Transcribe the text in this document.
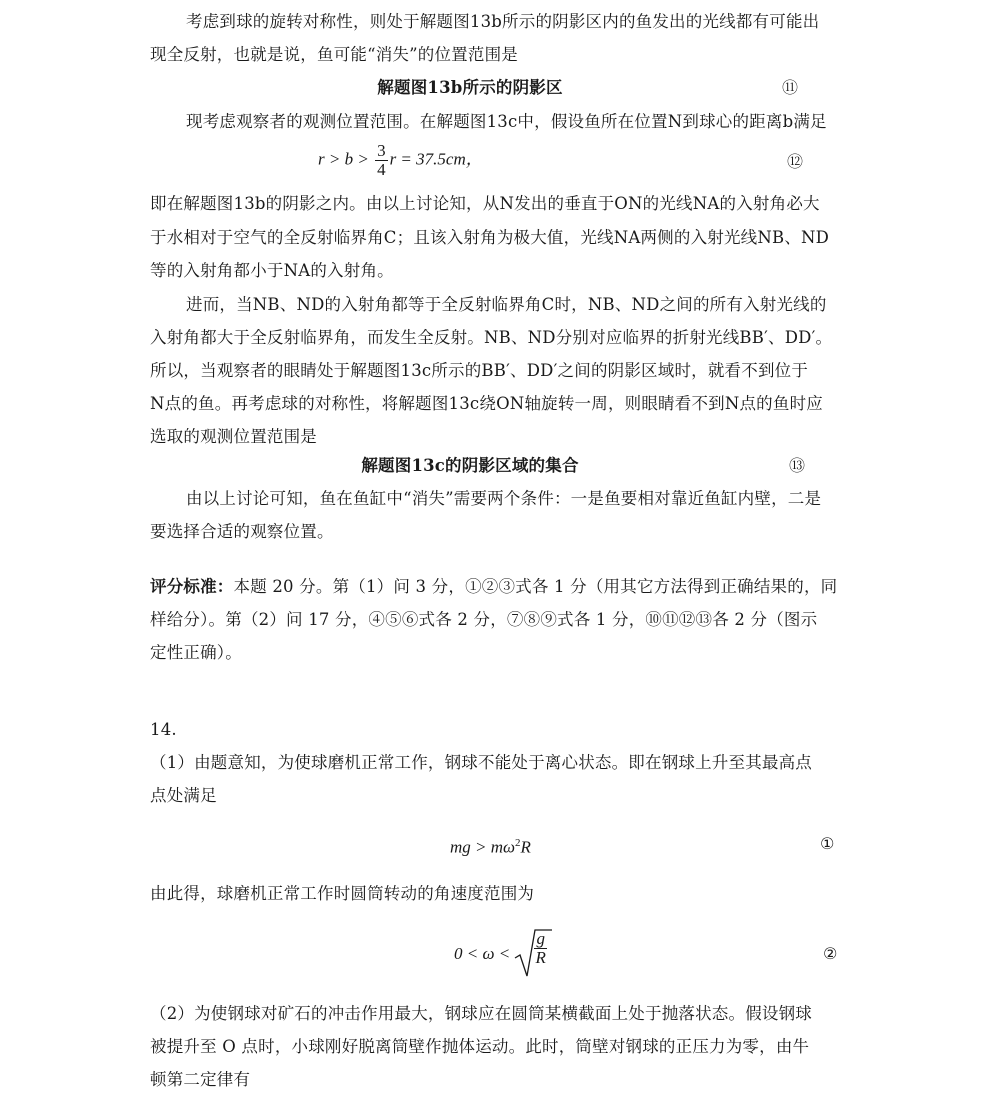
考虑到球的旋转对称性，则处于解题图13b所示的阴影区内的鱼发出的光线都有可能出
现全反射，也就是说，鱼可能“消失”的位置范围是
解题图13b所示的阴影区	⑪
现考虑观察者的观测位置范围。在解题图13c中，假设鱼所在位置N到球心的距离b满足
$r > b > \frac{3}{4}$ r = 37.5cm，	⑫
即在解题图13b的阴影之内。由以上讨论知，从N发出的垂直于ON的光线NA的入射角必大
于水相对于空气的全反射临界角C；且该入射角为极大值，光线NA两侧的入射光线NB、ND
等的入射角都小于NA的入射角。
进而，当NB、ND的入射角都等于全反射临界角C时，NB、ND之间的所有入射光线的
入射角都大于全反射临界角，而发生全反射。NB、ND分别对应临界的折射光线BB′、DD′。
所以，当观察者的眼睛处于解题图13c所示的BB′、DD′之间的阴影区域时，就看不到位于
N点的鱼。再考虑球的对称性，将解题图13c绕ON轴旋转一周，则眼睛看不到N点的鱼时应
选取的观测位置范围是
解题图13c的阴影区域的集合	⑬
由以上讨论可知，鱼在鱼缸中“消失”需要两个条件：一是鱼要相对靠近鱼缸内壁，二是
要选择合适的观察位置。
评分标准：本题 20 分。第（1）问 3 分，①②③式各 1 分（用其它方法得到正确结果的，同
样给分）。第（2）问 17 分，④⑤⑥式各 2 分，⑦⑧⑨式各 1 分，⑩⑪⑫⑬各 2 分（图示
定性正确）。
14.
（1）由题意知，为使球磨机正常工作，钢球不能处于离心状态。即在钢球上升至其最高点
点处满足
mg > $m\omega^2R$	①
由此得，球磨机正常工作时圆筒转动的角速度范围为
$0 < \omega < \frac{g}{R}$	②
（2）为使钢球对矿石的冲击作用最大，钢球应在圆筒某横截面上处于抛落状态。假设钢球
被提升至 O 点时，小球刚好脱离筒壁作抛体运动。此时，筒壁对钢球的正压力为零，由牛
顿第二定律有
